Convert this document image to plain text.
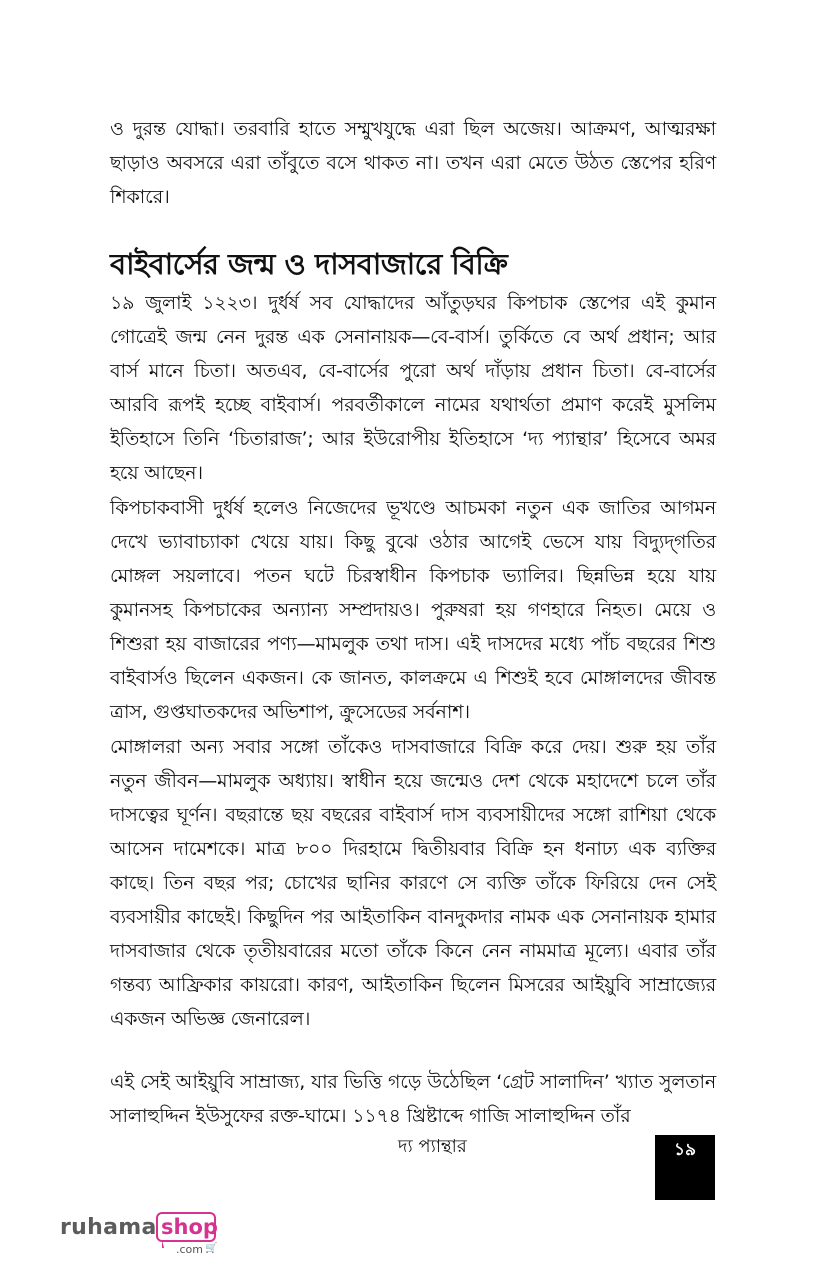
ও দুরন্ত যোদ্ধা। তরবারি হাতে সম্মুখযুদ্ধে এরা ছিল অজেয়। আক্রমণ, আত্মরক্ষা ছাড়াও অবসরে এরা তাঁবুতে বসে থাকত না। তখন এরা মেতে উঠত স্তেপের হরিণ শিকারে।

বাইবার্সের জন্ম ও দাসবাজারে বিক্রি

১৯ জুলাই ১২২৩। দুর্ধর্ষ সব যোদ্ধাদের আঁতুড়ঘর কিপচাক স্তেপের এই কুমান গোত্রেই জন্ম নেন দুরন্ত এক সেনানায়ক—বে-বার্স। তুর্কিতে বে অর্থ প্রধান; আর বার্স মানে চিতা। অতএব, বে-বার্সের পুরো অর্থ দাঁড়ায় প্রধান চিতা। বে-বার্সের আরবি রূপই হচ্ছে বাইবার্স। পরবর্তীকালে নামের যথার্থতা প্রমাণ করেই মুসলিম ইতিহাসে তিনি ‘চিতারাজ’; আর ইউরোপীয় ইতিহাসে ‘দ্য প্যান্থার’ হিসেবে অমর হয়ে আছেন।

কিপচাকবাসী দুর্ধর্ষ হলেও নিজেদের ভূখণ্ডে আচমকা নতুন এক জাতির আগমন দেখে ভ্যাবাচ্যাকা খেয়ে যায়। কিছু বুঝে ওঠার আগেই ভেসে যায় বিদ্যুদ্‌গতির মোঙ্গল সয়লাবে। পতন ঘটে চিরস্বাধীন কিপচাক ভ্যালির। ছিন্নভিন্ন হয়ে যায় কুমানসহ কিপচাকের অন্যান্য সম্প্রদায়ও। পুরুষরা হয় গণহারে নিহত। মেয়ে ও শিশুরা হয় বাজারের পণ্য—মামলুক তথা দাস। এই দাসদের মধ্যে পাঁচ বছরের শিশু বাইবার্সও ছিলেন একজন। কে জানত, কালক্রমে এ শিশুই হবে মোঙ্গালদের জীবন্ত ত্রাস, গুপ্তঘাতকদের অভিশাপ, ক্রুসেডের সর্বনাশ।

মোঙ্গালরা অন্য সবার সঙ্গো তাঁকেও দাসবাজারে বিক্রি করে দেয়। শুরু হয় তাঁর নতুন জীবন—মামলুক অধ্যায়। স্বাধীন হয়ে জন্মেও দেশ থেকে মহাদেশে চলে তাঁর দাসত্বের ঘূর্ণন। বছরান্তে ছয় বছরের বাইবার্স দাস ব্যবসায়ীদের সঙ্গো রাশিয়া থেকে আসেন দামেশকে। মাত্র ৮০০ দিরহামে দ্বিতীয়বার বিক্রি হন ধনাঢ্য এক ব্যক্তির কাছে। তিন বছর পর; চোখের ছানির কারণে সে ব্যক্তি তাঁকে ফিরিয়ে দেন সেই ব্যবসায়ীর কাছেই। কিছুদিন পর আইতাকিন বানদুকদার নামক এক সেনানায়ক হামার দাসবাজার থেকে তৃতীয়বারের মতো তাঁকে কিনে নেন নামমাত্র মূল্যে। এবার তাঁর গন্তব্য আফ্রিকার কায়রো। কারণ, আইতাকিন ছিলেন মিসরের আইয়ুবি সাম্রাজ্যের একজন অভিজ্ঞ জেনারেল।

এই সেই আইয়ুবি সাম্রাজ্য, যার ভিত্তি গড়ে উঠেছিল ‘গ্রেট সালাদিন’ খ্যাত সুলতান সালাহুদ্দিন ইউসুফের রক্ত-ঘামে। ১১৭৪ খ্রিষ্টাব্দে গাজি সালাহুদ্দিন তাঁর

দ্য প্যান্থার	১৯
ruhama shop
.com 🛒
